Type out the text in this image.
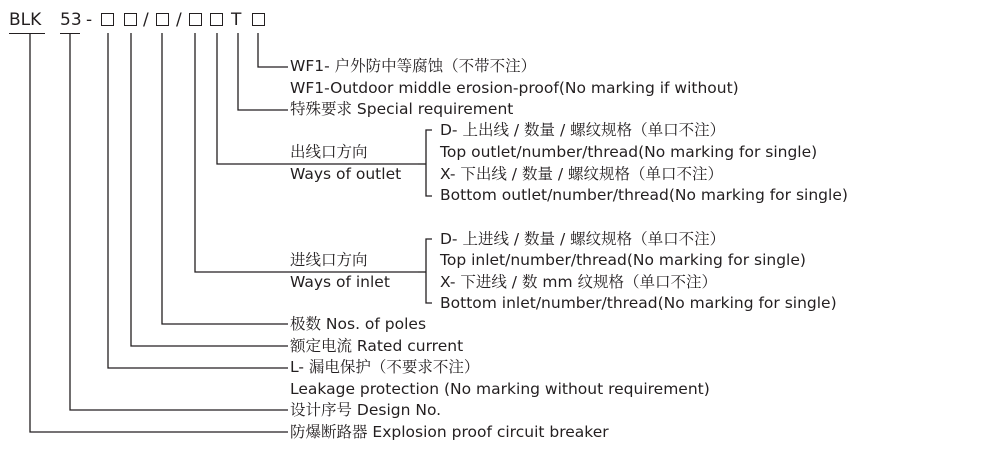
BLK 53 -	/ /	T
WF1- 户外防中等腐蚀（不带不注）
WF1-Outdoor middle erosion-proof(No marking if without)
特殊要求 Special requirement
出线口方向
Ways of outlet
D- 上出线 / 数量 / 螺纹规格（单口不注）
Top outlet/number/thread(No marking for single)
X- 下出线 / 数量 / 螺纹规格（单口不注）
Bottom outlet/number/thread(No marking for single)
进线口方向
Ways of inlet
D- 上进线 / 数量 / 螺纹规格（单口不注）
Top inlet/number/thread(No marking for single)
X- 下进线 / 数 mm 纹规格（单口不注）
Bottom inlet/number/thread(No marking for single)
极数 Nos. of poles
额定电流 Rated current
L- 漏电保护（不要求不注）
Leakage protection (No marking without requirement)
设计序号 Design No.
防爆断路器 Explosion proof circuit breaker
